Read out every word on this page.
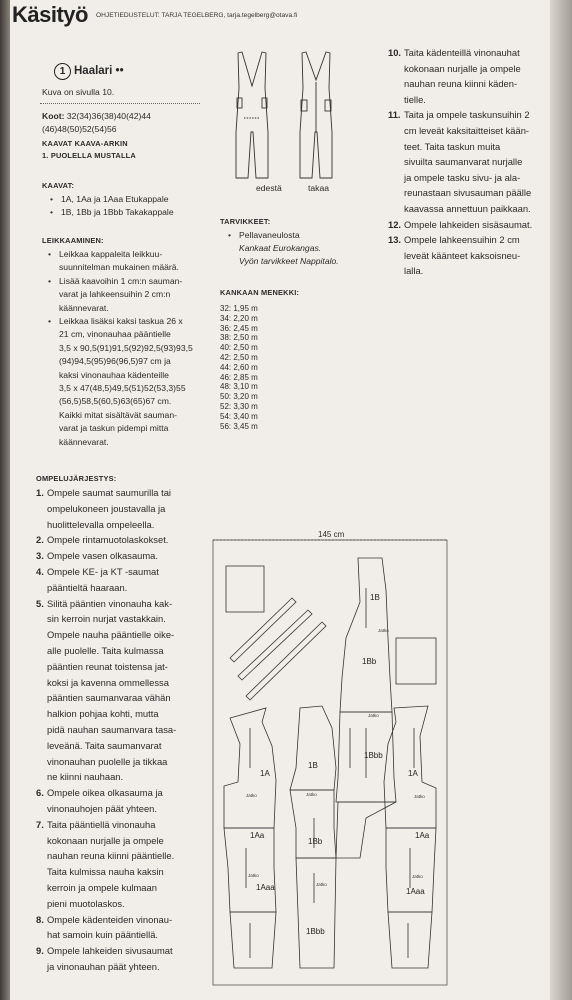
Käsityö OHJETIEDUSTELUT: TARJA TEGELBERG, tarja.tegelberg@otava.fi
1 Haalari ••
Kuva on sivulla 10.
Koot: 32(34)36(38)40(42)44
(46)48(50)52(54)56
KAAVAT KAAVA-ARKIN
1. PUOLELLA MUSTALLA
KAAVAT:
• 1A, 1Aa ja 1Aaa Etukappale
• 1B, 1Bb ja 1Bbb Takakappale
LEIKKAAMINEN:
• Leikkaa kappaleita leikkuu-
suunnitelman mukainen määrä.
• Lisää kaavoihin 1 cm:n sauman-
varat ja lahkeensuihin 2 cm:n
käännevarat.
• Leikkaa lisäksi kaksi taskua 26 x
21 cm, vinonauhaa pääntielle
3,5 x 90,5(91)91,5(92)92,5(93)93,5
(94)94,5(95)96(96,5)97 cm ja
kaksi vinonauhaa kädenteille
3,5 x 47(48,5)49,5(51)52(53,3)55
(56,5)58,5(60,5)63(65)67 cm.
Kaikki mitat sisältävät sauman-
varat ja taskun pidempi mitta
käännevarat.
OMPELUJÄRJESTYS:
1. Ompele saumat saumurilla tai
ompelukoneen joustavalla ja
huolittelevalla ompeleella.
2. Ompele rintamuotolaskokset.
3. Ompele vasen olkasauma.
4. Ompele KE- ja KT -saumat
pääntieltä haaraan.
5. Silitä pääntien vinonauha kak-
sin kerroin nurjat vastakkain.
Ompele nauha pääntielle oike-
alle puolelle. Taita kulmassa
pääntien reunat toistensa jat-
koksi ja kavenna ommellessa
pääntien saumanvaraa vähän
halkion pohjaa kohti, mutta
pidä nauhan saumanvara tasa-
leveänä. Taita saumanvarat
vinonauhan puolelle ja tikkaa
ne kiinni nauhaan.
6. Ompele oikea olkasauma ja
vinonauhojen päät yhteen.
7. Taita pääntiellä vinonauha
kokonaan nurjalle ja ompele
nauhan reuna kiinni pääntielle.
Taita kulmissa nauha kaksin
kerroin ja ompele kulmaan
pieni muotolaskos.
8. Ompele kädenteiden vinonau-
hat samoin kuin pääntiellä.
9. Ompele lahkeiden sivusaumat
ja vinonauhan päät yhteen.
edestä	takaa
TARVIKKEET:
• Pellavaneulosta
Kankaat Eurokangas.
Vyön tarvikkeet Nappitalo.
KANKAAN MENEKKI:
32: 1,95 m
34: 2,20 m
36: 2,45 m
38: 2,50 m
40: 2,50 m
42: 2,50 m
44: 2,60 m
46: 2,85 m
48: 3,10 m
50: 3,20 m
52: 3,30 m
54: 3,40 m
56: 3,45 m
10. Taita kädenteillä vinonauhat
kokonaan nurjalle ja ompele
nauhan reuna kiinni käden-
tielle.
11. Taita ja ompele taskunsuihin 2
cm leveät kaksitaitteiset kään-
teet. Taita taskun muita
sivuilta saumanvarat nurjalle
ja ompele tasku sivu- ja ala-
reunastaan sivusauman päälle
kaavassa annettuun paikkaan.
12. Ompele lahkeiden sisäsaumat.
13. Ompele lahkeensuihin 2 cm
leveät käänteet kaksoisneu-
lalla.
145 cm
1B
1Bb
1Bbb
1B
1A	1A
1Aa
1Bb
1Aa
1Aaa	1Aaa
1Bbb
Jatko
Jatko
Jatko	Jatko	Jatko
Jatko
Jatko
Jatko
